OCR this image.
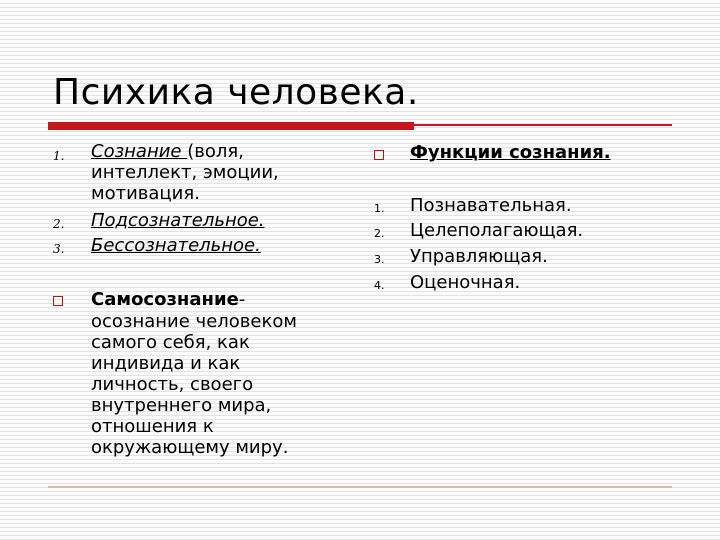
Психика человека.
1. Сознание (воля,
интеллект, эмоции,
мотивация.
2. Подсознательное.
3. Бессознательное.
Самосознание-
осознание человеком
самого себя, как
индивида и как
личность, своего
внутреннего мира,
отношения к
окружающему миру.
Функции сознания.
1. Познавательная.
2. Целеполагающая.
3. Управляющая.
4. Оценочная.
